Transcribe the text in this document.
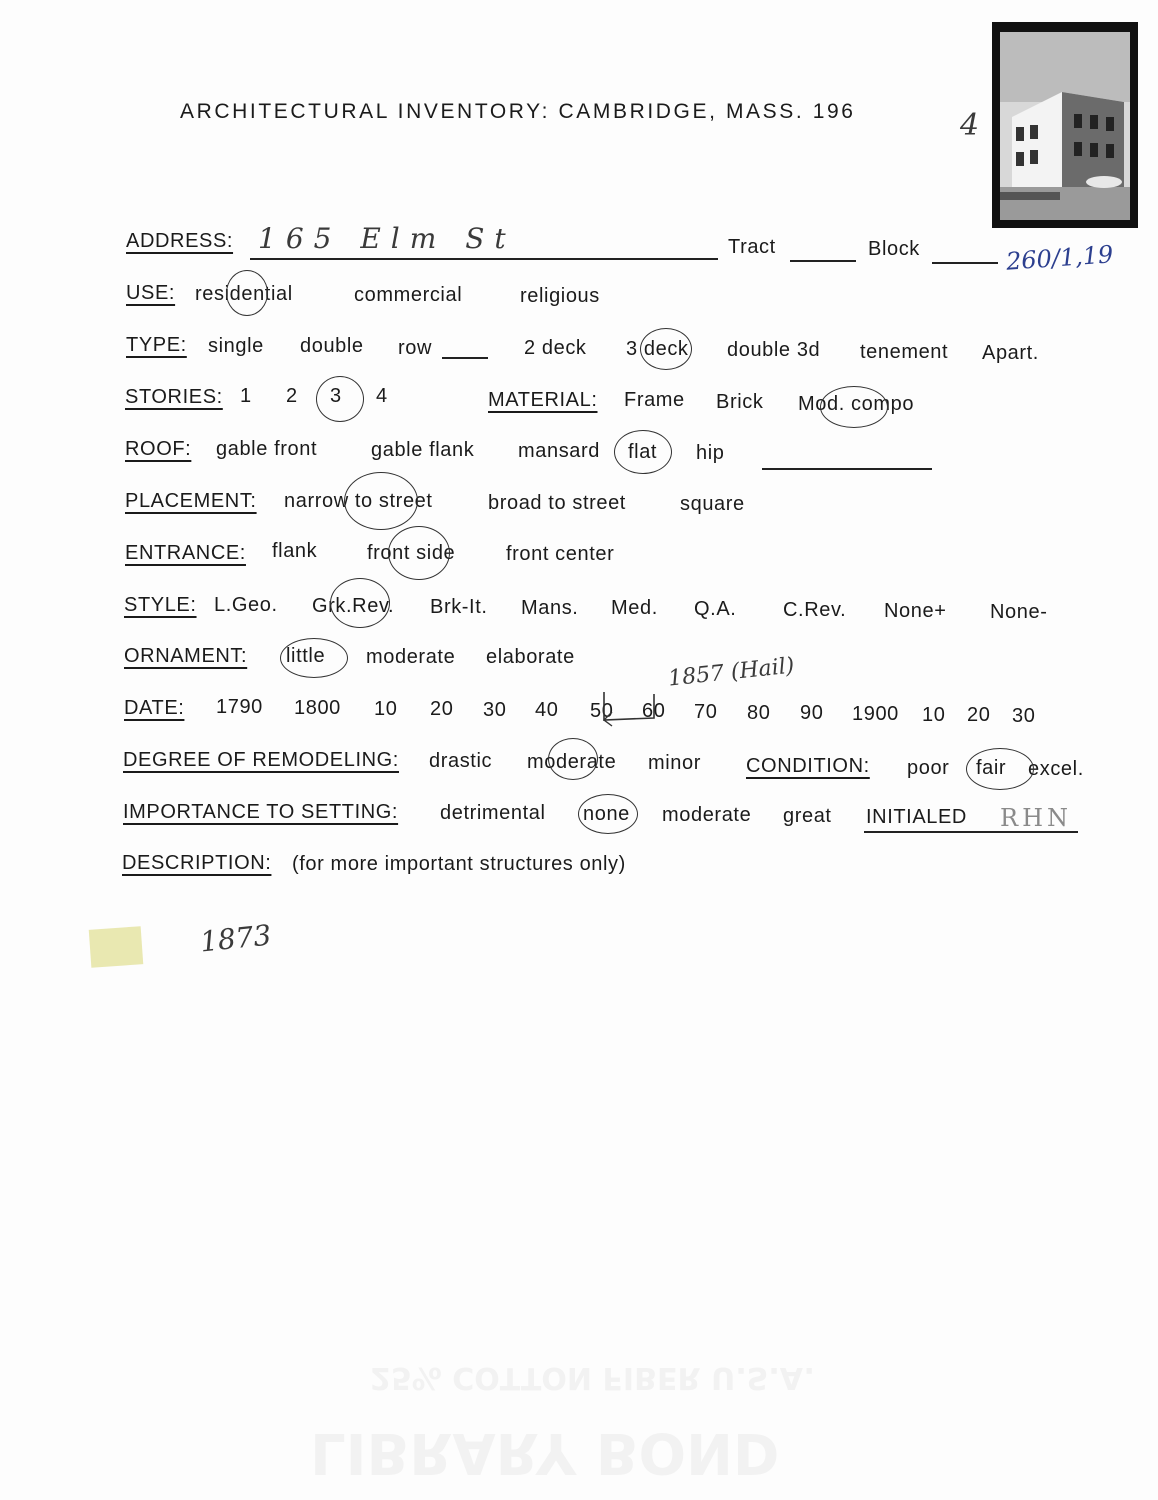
25% COTTON FIBER U.S.A.
LIBRARY BOND
ARCHITECTURAL INVENTORY: CAMBRIDGE, MASS. 196	4
ADDRESS: 165 Elm St	Tract	Block	260/1,19
USE: residential	commercial	religious
TYPE: single double row	2 deck 3 deck double 3d tenement Apart.
STORIES: 1 2 3 4	MATERIAL: Frame Brick Mod. compo
ROOF: gable front	gable flank mansard flat hip
PLACEMENT: narrow to street	broad to street	square
ENTRANCE: flank front side	front center
STYLE: L.Geo. Grk.Rev. Brk-It. Mans. Med. Q.A. C.Rev. None+ None-
ORNAMENT: little moderate elaborate	1857 (Hail)
DATE: 1790 1800 10 20 30 40 50 60 70 80 90 1900 10 20 30
DEGREE OF REMODELING: drastic moderate minor CONDITION: poor fair excel.
IMPORTANCE TO SETTING: detrimental none moderate great INITIALED RHN
DESCRIPTION: (for more important structures only)
1873
